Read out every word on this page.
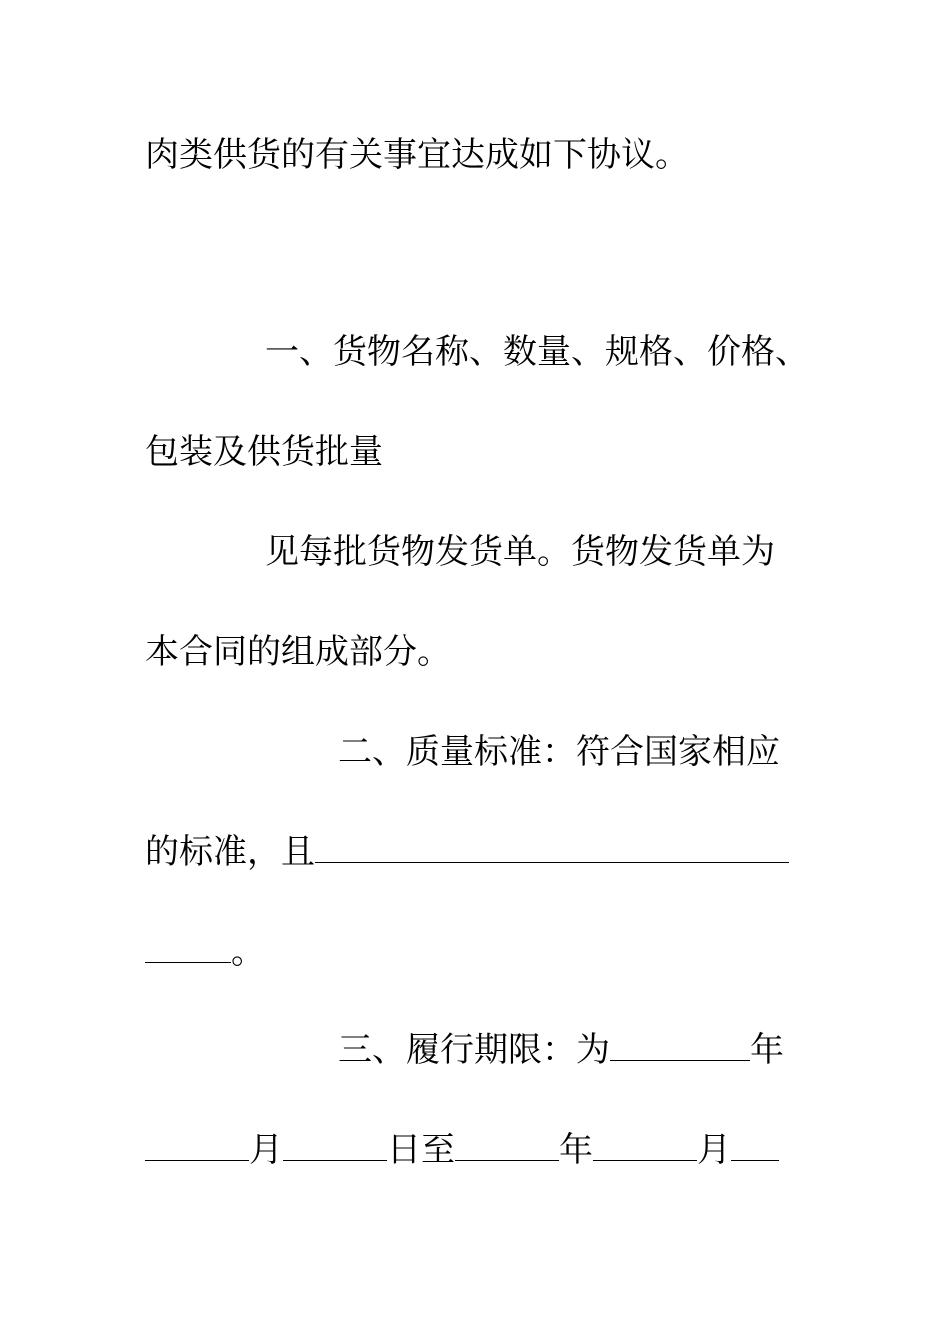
肉类供货的有关事宜达成如下协议。
一、货物名称、数量、规格、价格、
包装及供货批量
见每批货物发货单。货物发货单为
本合同的组成部分。
二、质量标准：符合国家相应
的标准，且
。
三、履行期限：为	年
月	日至	年	月
